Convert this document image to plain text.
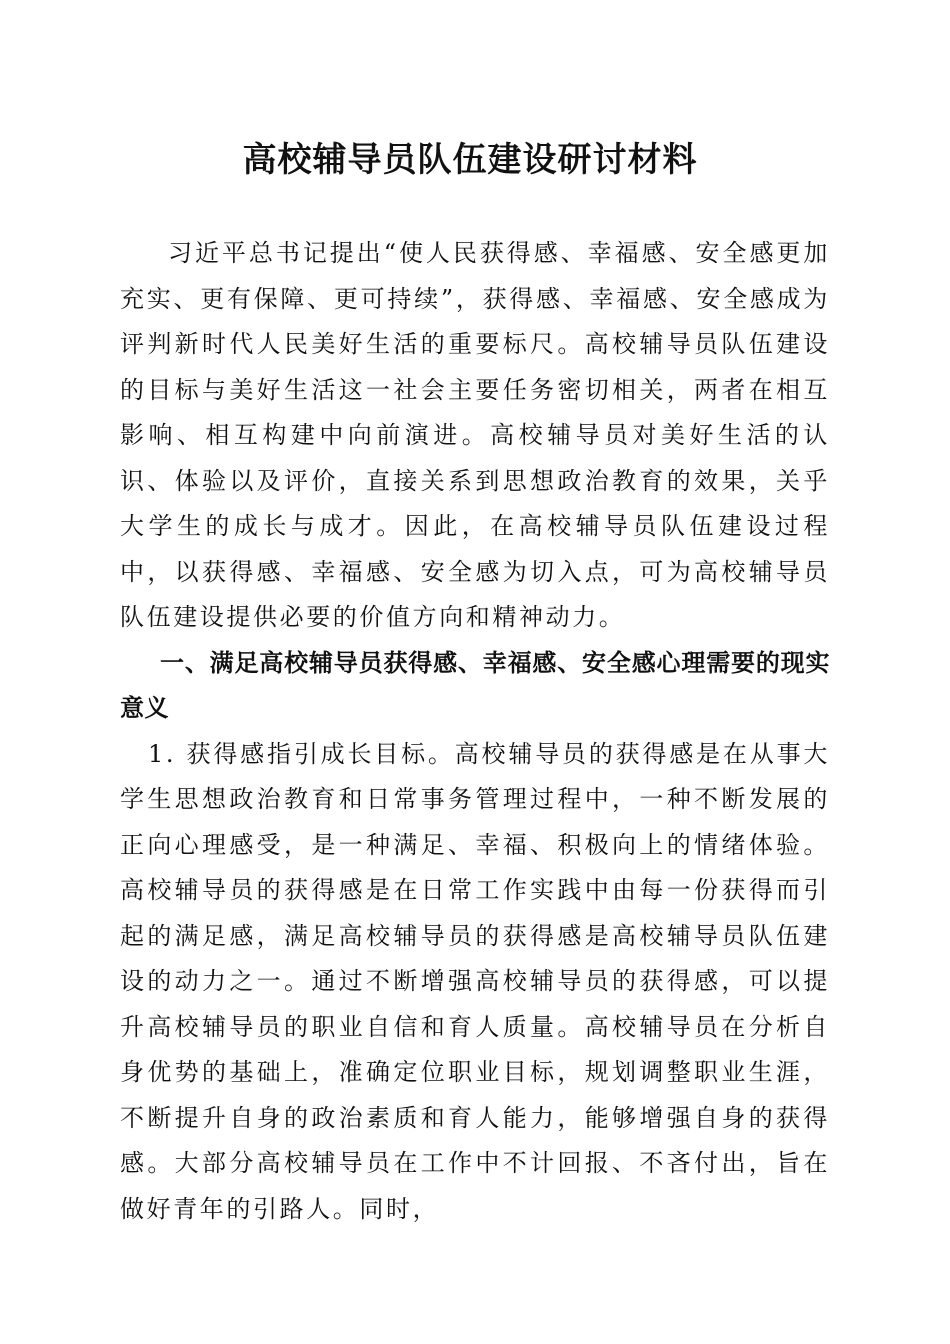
高校辅导员队伍建设研讨材料

习近平总书记提出“使人民获得感、幸福感、安全感更加充实、更有保障、更可持续”，获得感、幸福感、安全感成为评判新时代人民美好生活的重要标尺。高校辅导员队伍建设的目标与美好生活这一社会主要任务密切相关，两者在相互影响、相互构建中向前演进。高校辅导员对美好生活的认识、体验以及评价，直接关系到思想政治教育的效果，关乎大学生的成长与成才。因此，在高校辅导员队伍建设过程中，以获得感、幸福感、安全感为切入点，可为高校辅导员队伍建设提供必要的价值方向和精神动力。

一、满足高校辅导员获得感、幸福感、安全感心理需要的现实意义

1. 获得感指引成长目标。高校辅导员的获得感是在从事大学生思想政治教育和日常事务管理过程中，一种不断发展的正向心理感受，是一种满足、幸福、积极向上的情绪体验。高校辅导员的获得感是在日常工作实践中由每一份获得而引起的满足感，满足高校辅导员的获得感是高校辅导员队伍建设的动力之一。通过不断增强高校辅导员的获得感，可以提升高校辅导员的职业自信和育人质量。高校辅导员在分析自身优势的基础上，准确定位职业目标，规划调整职业生涯，不断提升自身的政治素质和育人能力，能够增强自身的获得感。大部分高校辅导员在工作中不计回报、不吝付出，旨在做好青年的引路人。同时，
